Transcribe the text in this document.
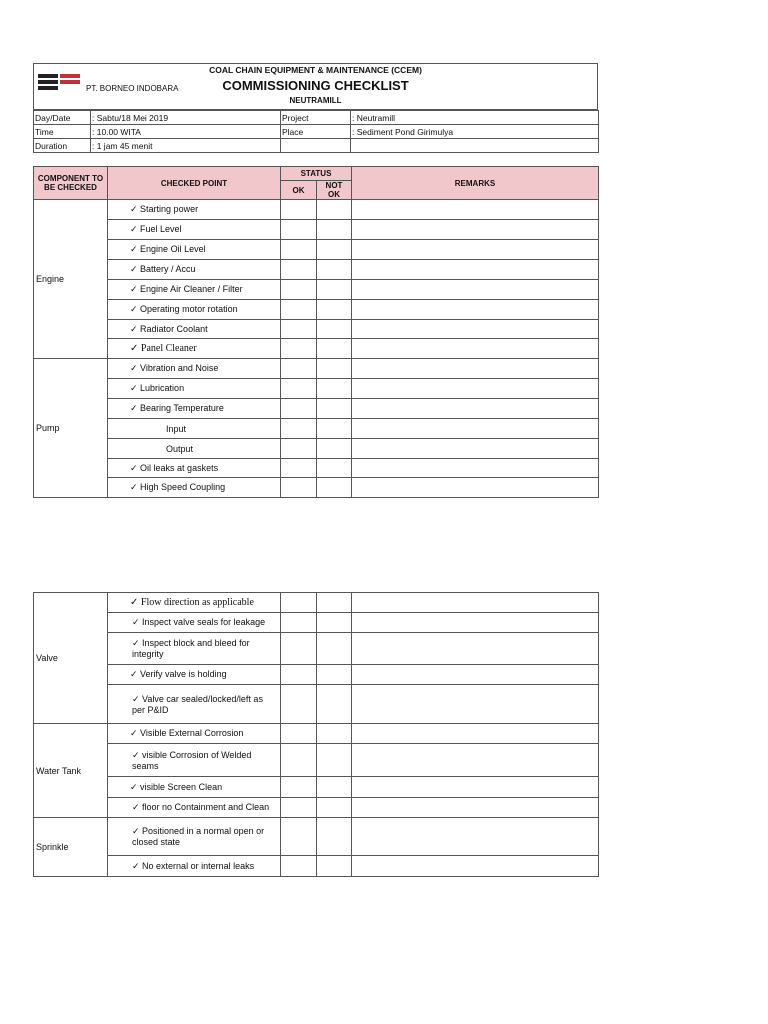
PT. BORNEO INDOBARA
COAL CHAIN EQUIPMENT & MAINTENANCE (CCEM)
COMMISSIONING CHECKLIST
NEUTRAMILL
Day/Date	: Sabtu/18 Mei 2019	Project	: Neutramill
Time	: 10.00 WITA	Place	: Sediment Pond Girimulya
Duration	: 1 jam 45 menit		
COMPONENT TO BE CHECKED	CHECKED POINT	STATUS		REMARKS
		OK	NOT OK	
Engine	✓ Starting power			
	✓ Fuel Level			
	✓ Engine Oil Level			
	✓ Battery / Accu			
	✓ Engine Air Cleaner / Filter			
	✓ Operating motor rotation			
	✓ Radiator Coolant			
	✓ Panel Cleaner			
Pump	✓ Vibration and Noise			
	✓ Lubrication			
	✓ Bearing Temperature			
	Input			
	Output			
	✓ Oil leaks at gaskets			
	✓ High Speed Coupling			
Valve	✓ Flow direction as applicable			
	✓ Inspect valve seals for leakage			
	✓ Inspect block and bleed for integrity			
	✓ Verify valve is holding			
	✓ Valve car sealed/locked/left as per P&ID			
Water Tank	✓ Visible External Corrosion			
	✓ visible Corrosion of Welded seams			
	✓ visible Screen Clean			
	✓ floor no Containment and Clean			
Sprinkle	✓ Positioned in a normal open or closed state			
	✓ No external or internal leaks			
